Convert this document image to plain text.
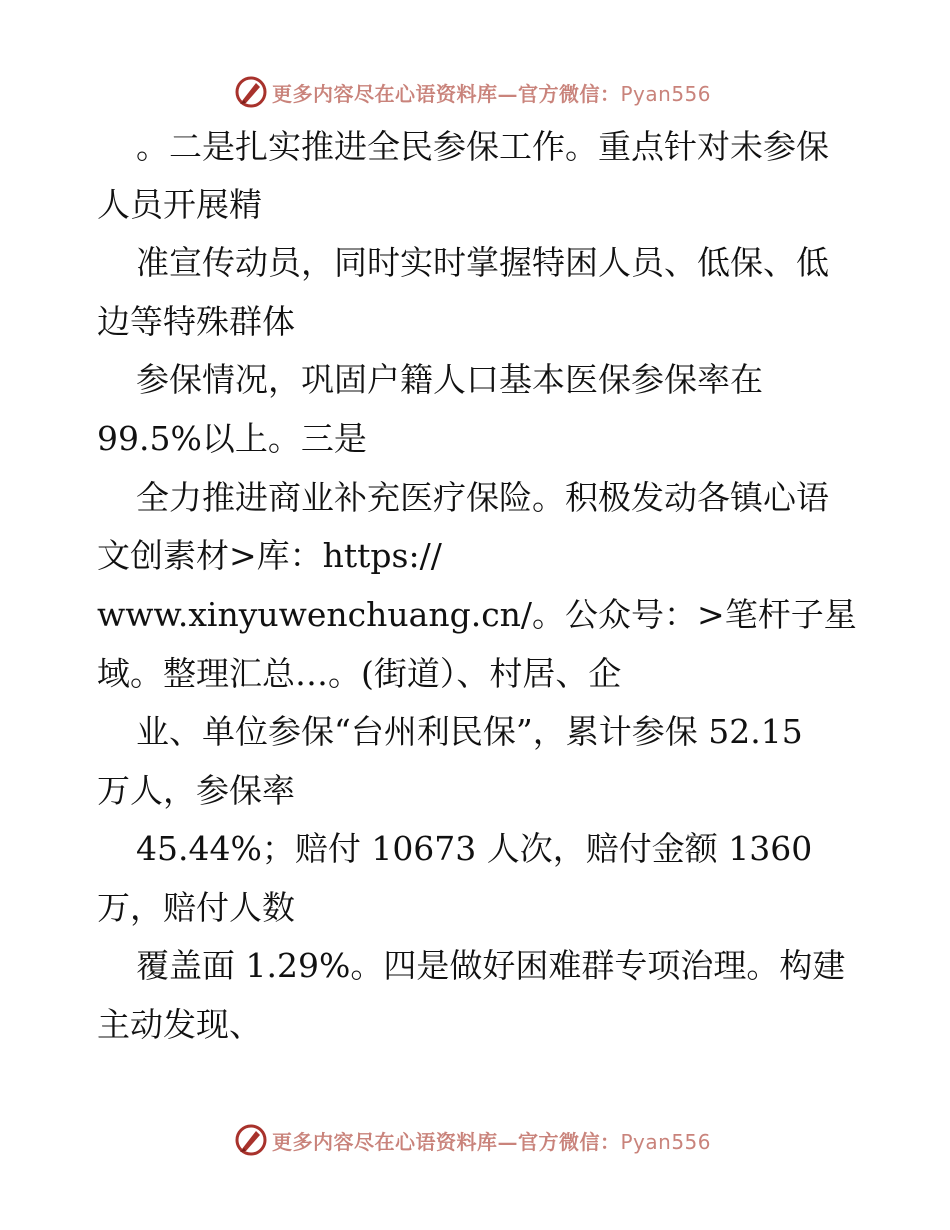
更多内容尽在心语资料库—官方微信：Pyan556
。二是扎实推进全民参保工作。重点针对未参保
人员开展精
准宣传动员，同时实时掌握特困人员、低保、低
边等特殊群体
参保情况，巩固户籍人口基本医保参保率在
99.5%以上。三是
全力推进商业补充医疗保险。积极发动各镇心语
文创素材>库：https://
www.xinyuwenchuang.cn/。公众号：>笔杆子星
域。整理汇总…。(街道）、村居、企
业、单位参保“台州利民保”，累计参保 52.15
万人，参保率
45.44%；赔付 10673 人次，赔付金额 1360
万，赔付人数
覆盖面 1.29%。四是做好困难群专项治理。构建
主动发现、
更多内容尽在心语资料库—官方微信：Pyan556
